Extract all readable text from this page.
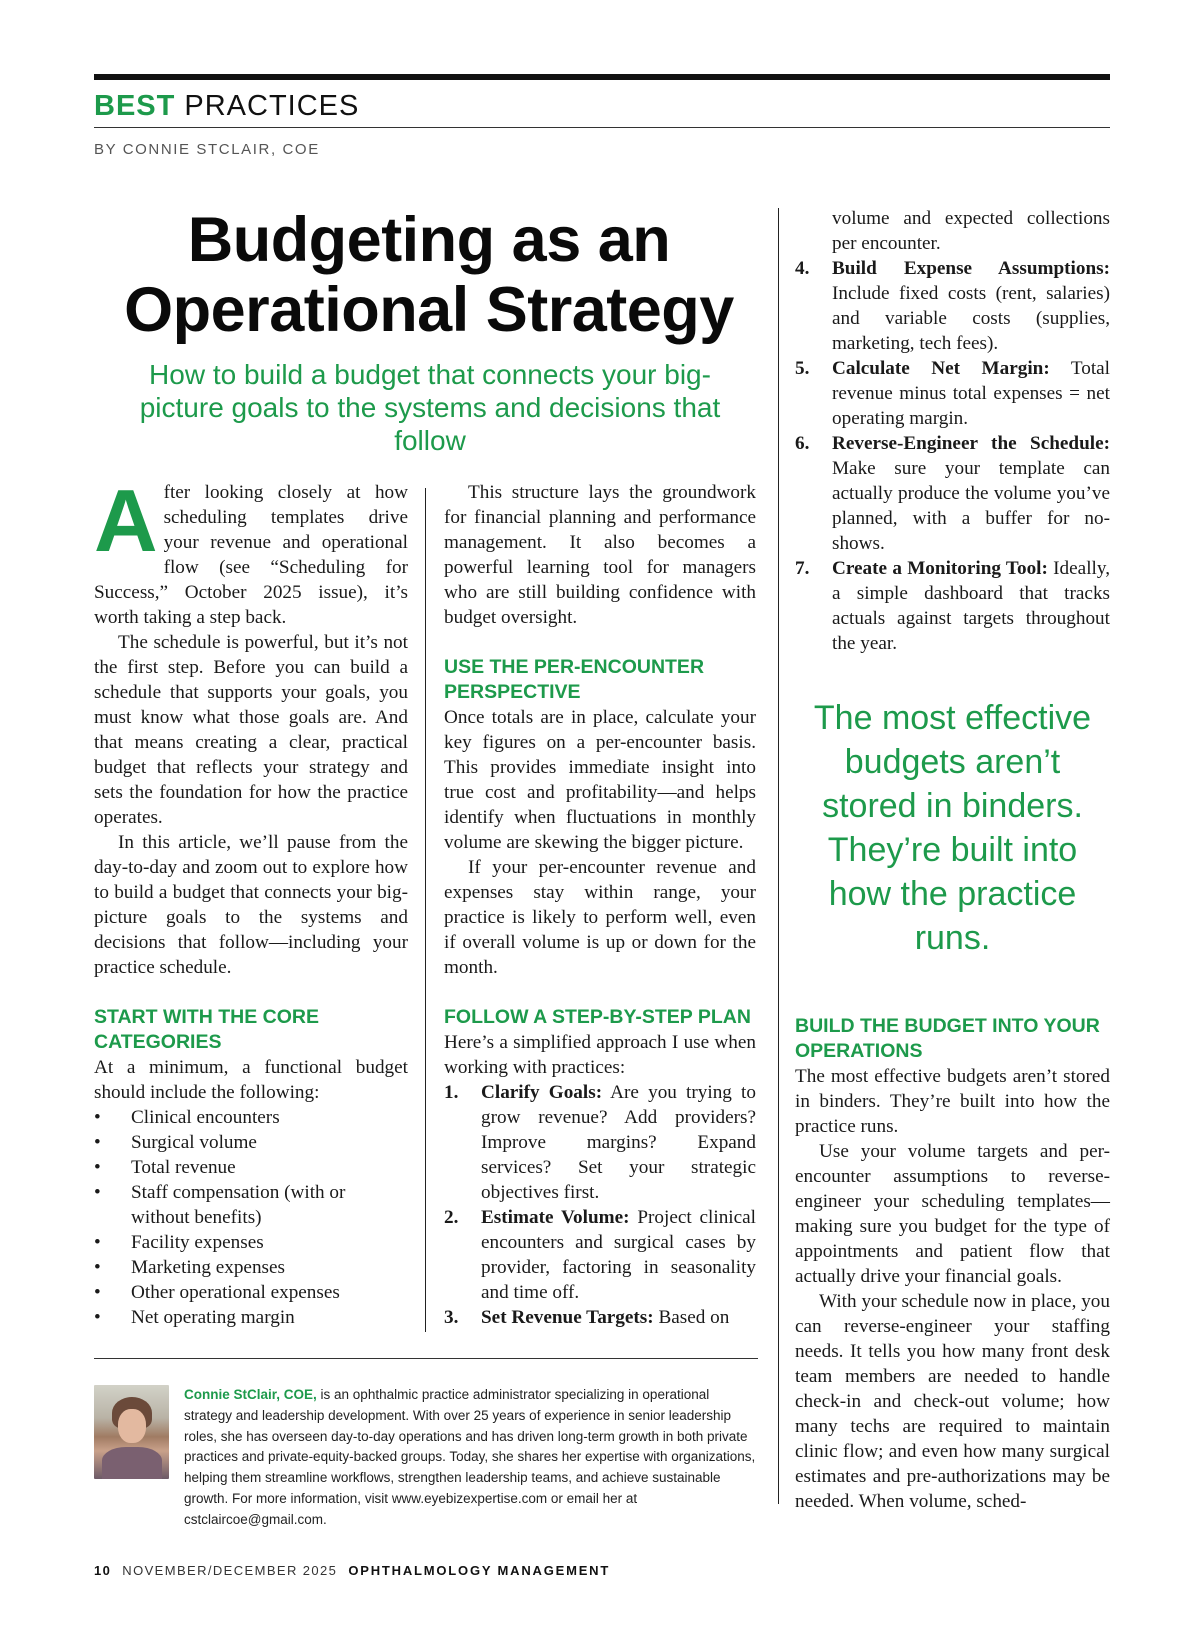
BEST PRACTICES
BY CONNIE STCLAIR, COE
Budgeting as an
Operational Strategy
How to build a budget that connects your big-picture goals to the systems and decisions that follow

After looking closely at how scheduling templates drive your revenue and operational flow (see “Scheduling for Success,” October 2025 issue), it’s worth taking a step back.

The schedule is powerful, but it’s not the first step. Before you can build a schedule that supports your goals, you must know what those goals are. And that means creating a clear, practical budget that reflects your strategy and sets the foundation for how the practice operates.

In this article, we’ll pause from the day-to-day and zoom out to explore how to build a budget that connects your big-picture goals to the systems and decisions that follow—including your practice schedule.

START WITH THE CORE CATEGORIES

At a minimum, a functional budget should include the following:

• Clinical encounters
• Surgical volume
• Total revenue
• Staff compensation (with or without benefits)
• Facility expenses
• Marketing expenses
• Other operational expenses
• Net operating margin

This structure lays the groundwork for financial planning and performance management. It also becomes a powerful learning tool for managers who are still building confidence with budget oversight.

USE THE PER-ENCOUNTER PERSPECTIVE

Once totals are in place, calculate your key figures on a per-encounter basis. This provides immediate insight into true cost and profitability—and helps identify when fluctuations in monthly volume are skewing the bigger picture.

If your per-encounter revenue and expenses stay within range, your practice is likely to perform well, even if overall volume is up or down for the month.

FOLLOW A STEP-BY-STEP PLAN

Here’s a simplified approach I use when working with practices:

1. Clarify Goals: Are you trying to grow revenue? Add providers? Improve margins? Expand services? Set your strategic objectives first.
2. Estimate Volume: Project clinical encounters and surgical cases by provider, factoring in seasonality and time off.
3. Set Revenue Targets: Based on
volume and expected collections per encounter.
4. Build Expense Assumptions: Include fixed costs (rent, salaries) and variable costs (supplies, marketing, tech fees).
5. Calculate Net Margin: Total revenue minus total expenses = net operating margin.
6. Reverse-Engineer the Schedule: Make sure your template can actually produce the volume you’ve planned, with a buffer for no-shows.
7. Create a Monitoring Tool: Ideally, a simple dashboard that tracks actuals against targets throughout the year.
The most effective budgets aren’t stored in binders. They’re built into how the practice runs.
BUILD THE BUDGET INTO YOUR OPERATIONS

The most effective budgets aren’t stored in binders. They’re built into how the practice runs.

Use your volume targets and per-encounter assumptions to reverse-engineer your scheduling templates—making sure you budget for the type of appointments and patient flow that actually drive your financial goals.

With your schedule now in place, you can reverse-engineer your staffing needs. It tells you how many front desk team members are needed to handle check-in and check-out volume; how many techs are required to maintain clinic flow; and even how many surgical estimates and pre-authorizations may be needed. When volume, sched-

Connie StClair, COE, is an ophthalmic practice administrator specializing in operational strategy and leadership development. With over 25 years of experience in senior leadership roles, she has overseen day-to-day operations and has driven long-term growth in both private practices and private-equity-backed groups. Today, she shares her expertise with organizations, helping them streamline workflows, strengthen leadership teams, and achieve sustainable growth. For more information, visit www.eyebizexpertise.com or email her at cstclaircoe@gmail.com.
10 NOVEMBER/DECEMBER 2025 OPHTHALMOLOGY MANAGEMENT
